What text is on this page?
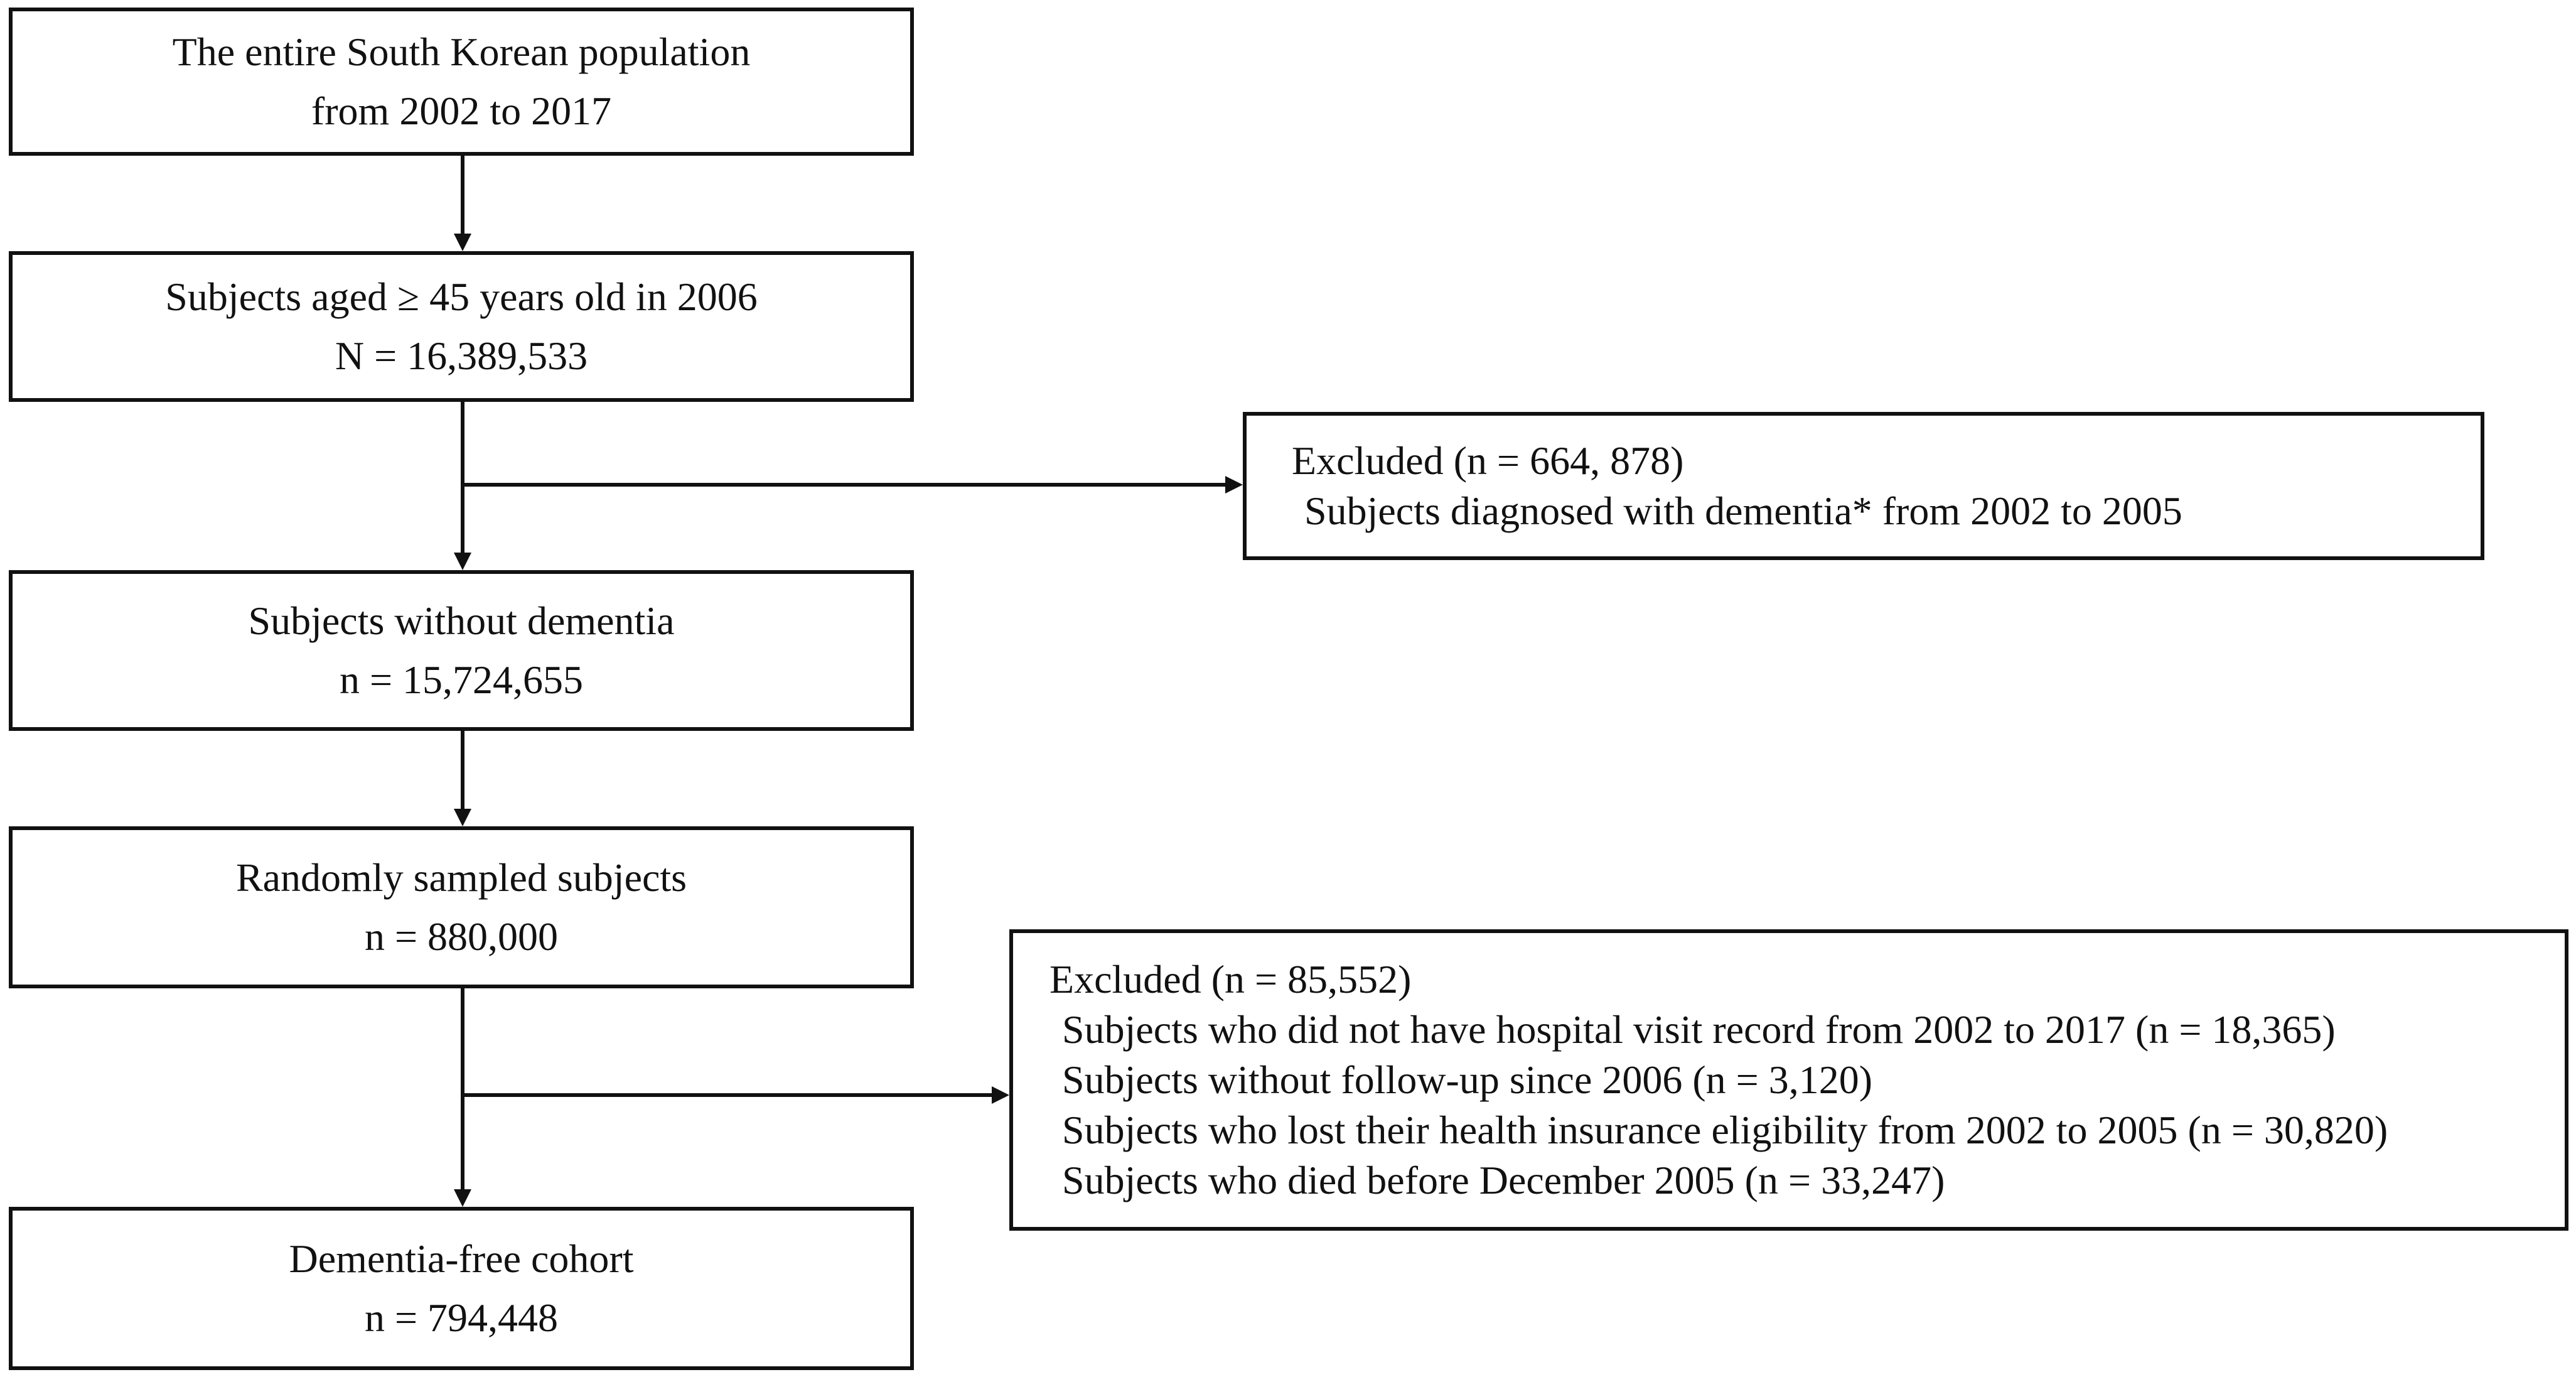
The entire South Korean population
from 2002 to 2017
Subjects aged ≥ 45 years old in 2006
N = 16,389,533
Subjects without dementia
n = 15,724,655
Randomly sampled subjects
n = 880,000
Dementia-free cohort
n = 794,448
Excluded (n = 664, 878)
Subjects diagnosed with dementia* from 2002 to 2005
Excluded (n = 85,552)
Subjects who did not have hospital visit record from 2002 to 2017 (n = 18,365)
Subjects without follow-up since 2006 (n = 3,120)
Subjects who lost their health insurance eligibility from 2002 to 2005 (n = 30,820)
Subjects who died before December 2005 (n = 33,247)
